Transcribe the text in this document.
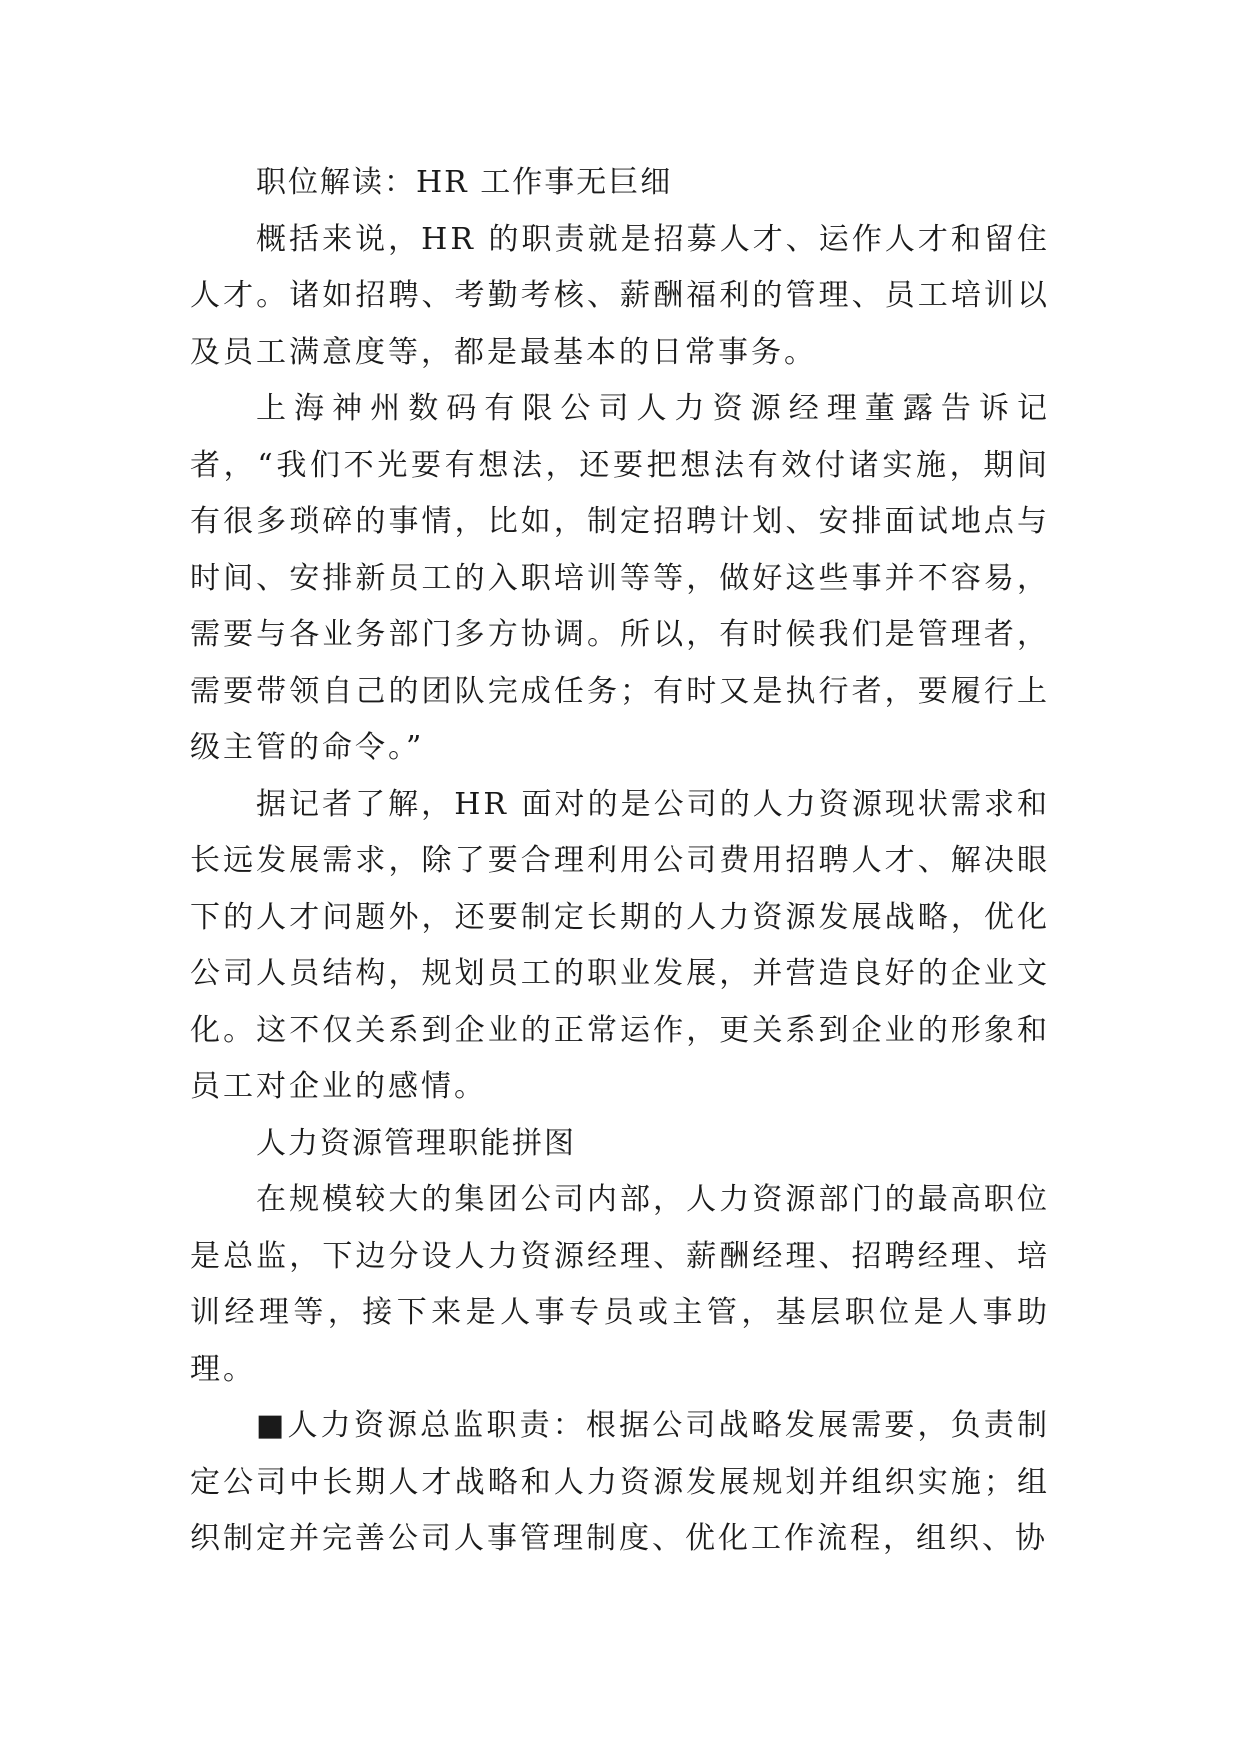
职位解读：HR 工作事无巨细

概括来说，HR 的职责就是招募人才、运作人才和留住人才。诸如招聘、考勤考核、薪酬福利的管理、员工培训以及员工满意度等，都是最基本的日常事务。

上海神州数码有限公司人力资源经理董露告诉记者，“我们不光要有想法，还要把想法有效付诸实施，期间有很多琐碎的事情，比如，制定招聘计划、安排面试地点与时间、安排新员工的入职培训等等，做好这些事并不容易，需要与各业务部门多方协调。所以，有时候我们是管理者，需要带领自己的团队完成任务；有时又是执行者，要履行上级主管的命令。”

据记者了解，HR 面对的是公司的人力资源现状需求和长远发展需求，除了要合理利用公司费用招聘人才、解决眼下的人才问题外，还要制定长期的人力资源发展战略，优化公司人员结构，规划员工的职业发展，并营造良好的企业文化。这不仅关系到企业的正常运作，更关系到企业的形象和员工对企业的感情。

人力资源管理职能拼图

在规模较大的集团公司内部，人力资源部门的最高职位是总监，下边分设人力资源经理、薪酬经理、招聘经理、培训经理等，接下来是人事专员或主管，基层职位是人事助理。

■人力资源总监职责：根据公司战略发展需要，负责制定公司中长期人才战略和人力资源发展规划并组织实施；组织制定并完善公司人事管理制度、优化工作流程，组织、协
